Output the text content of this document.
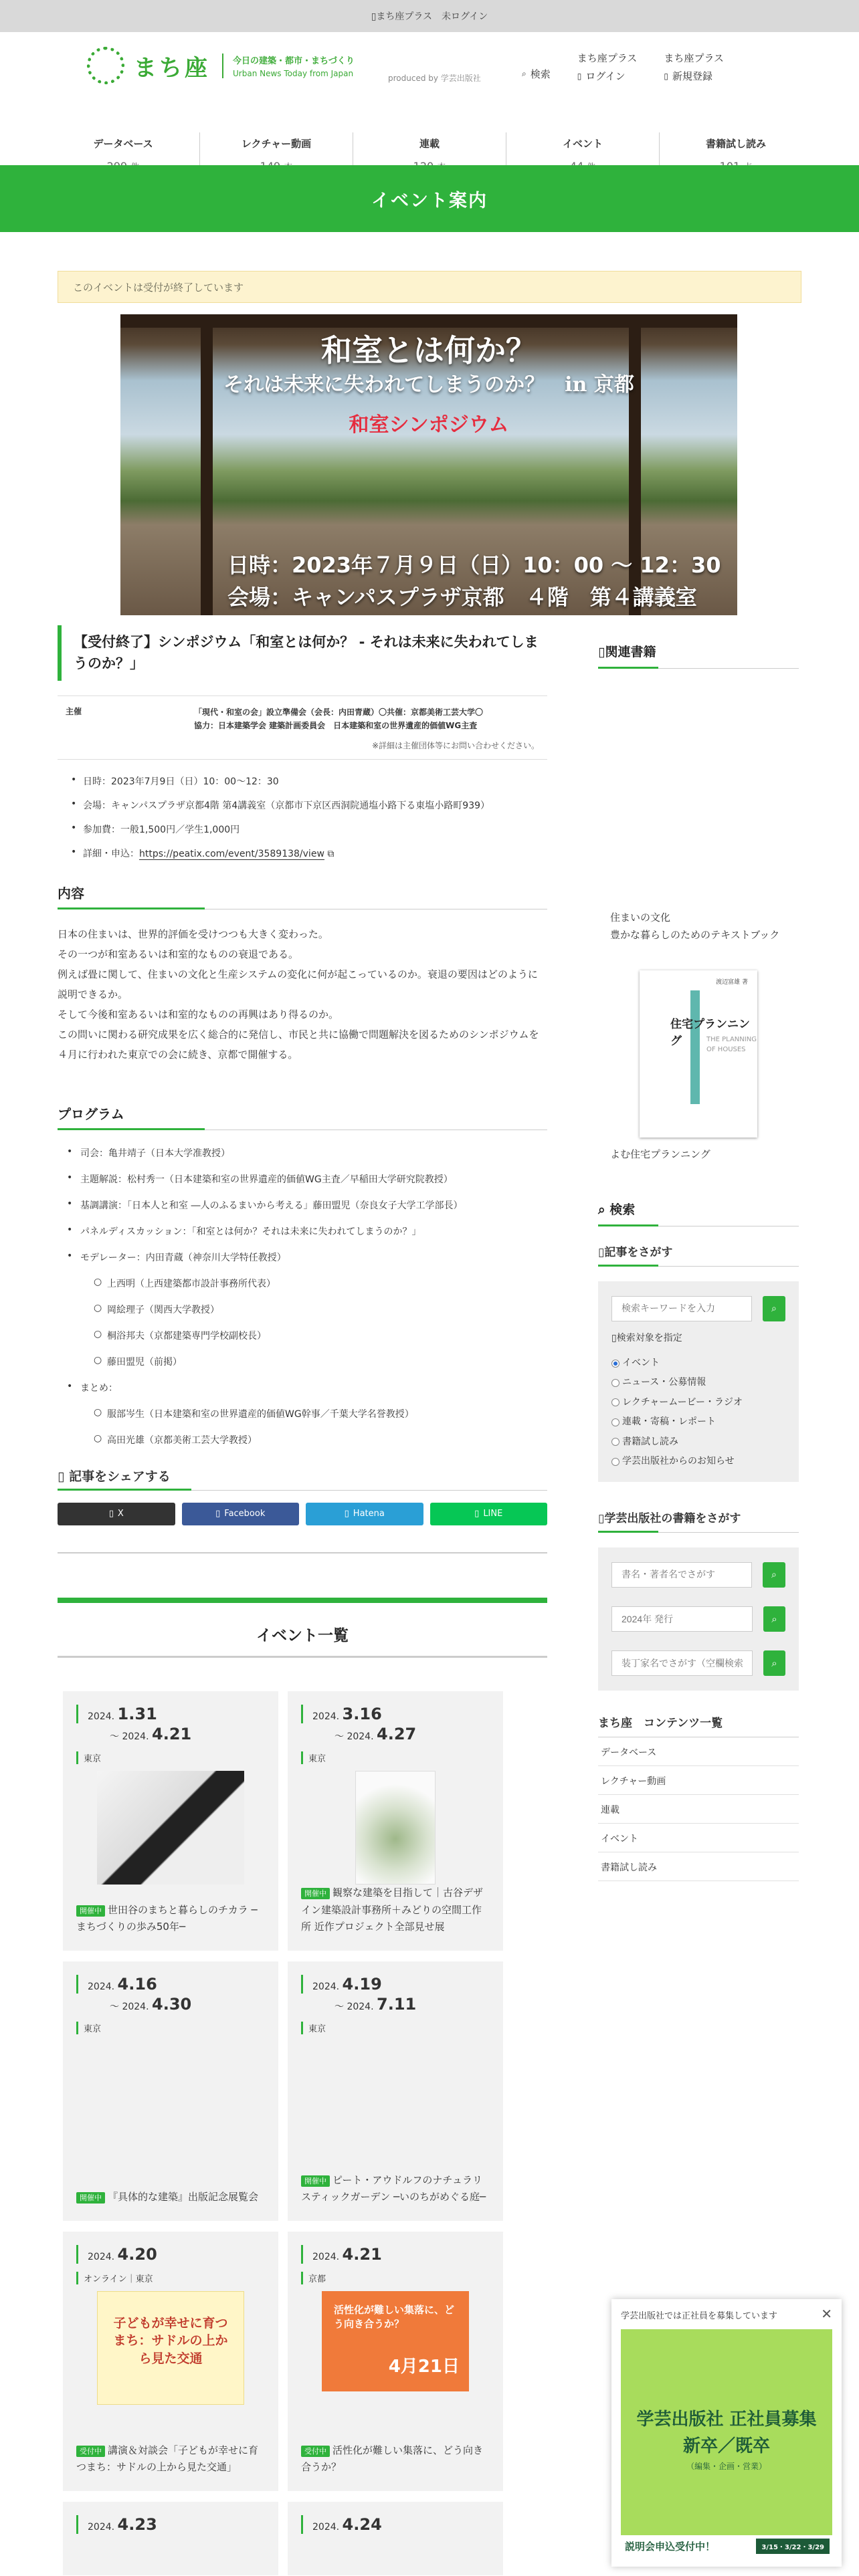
▯まち座プラス　未ログイン
まち座	今日の建築・都市・まちづくり
Urban News Today from Japan
produced by 学芸出版社	⌕ 検索
まち座プラス
▯ ログイン
まち座プラス
▯ 新規登録
データベース	レクチャー動画	連載	イベント	書籍試し読み
イベント案内
このイベントは受付が終了しています
和室とは何か？
それは未来に失われてしまうのか？　in 京都
和室シンポジウム
日時：2023年７月９日（日）10：00 ～ 12：30
会場：キャンパスプラザ京都　４階　第４講義室
【受付終了】シンポジウム「和室とは何か？ - それは未来に失われてしまうのか？」
主催	「現代・和室の会」設立準備会（会長：内田青蔵）〇共催：京都美術工芸大学〇
協力：日本建築学会 建築計画委員会　日本建築和室の世界遺産的価値WG主査
※詳細は主催団体等にお問い合わせください。
• 日時：2023年7月9日（日）10：00～12：30
• 会場：キャンパスプラザ京都4階 第4講義室（京都市下京区西洞院通塩小路下る東塩小路町939）
• 参加費：一般1,500円／学生1,000円
• 詳細・申込：https://peatix.com/event/3589138/view ⧉
内容
日本の住まいは、世界的評価を受けつつも大きく変わった。
その一つが和室あるいは和室的なものの衰退である。
例えば畳に関して、住まいの文化と生産システムの変化に何が起こっているのか。衰退の要因はどのように説明できるか。
そして今後和室あるいは和室的なものの再興はあり得るのか。
この問いに関わる研究成果を広く総合的に発信し、市民と共に協働で問題解決を図るためのシンポジウムを４月に行われた東京での会に続き、京都で開催する。
プログラム
• 司会：亀井靖子（日本大学准教授）
• 主題解説：松村秀一（日本建築和室の世界遺産的価値WG主査／早稲田大学研究院教授）
• 基調講演：「日本人と和室 ―人のふるまいから考える」藤田盟児（奈良女子大学工学部長）
• パネルディスカッション：「和室とは何か？それは未来に失われてしまうのか？」
• モデレーター：内田青蔵（神奈川大学特任教授）
○ 上西明（上西建築都市設計事務所代表）
○ 岡絵理子（関西大学教授）
○ 桐浴邦夫（京都建築専門学校副校長）
○ 藤田盟児（前掲）
• まとめ：
○ 服部岑生（日本建築和室の世界遺産的価値WG幹事／千葉大学名誉教授）
○ 高田光雄（京都美術工芸大学教授）
▯ 記事をシェアする
▯ X	▯ Facebook	▯ Hatena	▯ LINE
イベント一覧
2024. 1.31
～ 2024. 4.21
東京
開催中 世田谷のまちと暮らしのチカラ ─まちづくりの歩み50年─
2024. 3.16
～ 2024. 4.27
東京
開催中 観察な建築を目指して｜古谷デザイン建築設計事務所＋みどりの空間工作所 近作プロジェクト全部見せ展
2024. 4.16
～ 2024. 4.30
東京
開催中 『具体的な建築』出版記念展覧会
2024. 4.19
～ 2024. 7.11
東京
開催中 ピート・アウドルフのナチュラリスティックガーデン ─いのちがめぐる庭─
2024. 4.20
オンライン｜東京
子どもが幸せに育つまち：サドルの上から見た交通
受付中 講演＆対談会「子どもが幸せに育つまち：サドルの上から見た交通」
2024. 4.21
京都
活性化が難しい集落に、どう向き合うか？
4月21日
受付中 活性化が難しい集落に、どう向き合うか？
2024. 4.23	2024. 4.24
▯関連書籍
住まいの文化
豊かな暮らしのためのテキストブック
渡辺富雄 著
住宅プランニング	THE PLANNING OF HOUSES
よむ住宅プランニング
⌕ 検索
▯記事をさがす
検索キーワードを入力
⌕
▯検索対象を指定
イベント
ニュース・公募情報
レクチャームービー・ラジオ
連載・寄稿・レポート
書籍試し読み
学芸出版社からのお知らせ
▯学芸出版社の書籍をさがす
書名・著者名でさがす
⌕
2024年 発行
⌕
装丁家名でさがす（空欄検索
⌕
まち座　コンテンツ一覧
データベース
レクチャー動画
連載
イベント
書籍試し読み
学芸出版社では正社員を募集しています	✕
学芸出版社 正社員募集
新卒／既卒
（編集・企画・営業）
説明会申込受付中！	3/15・3/22・3/29
